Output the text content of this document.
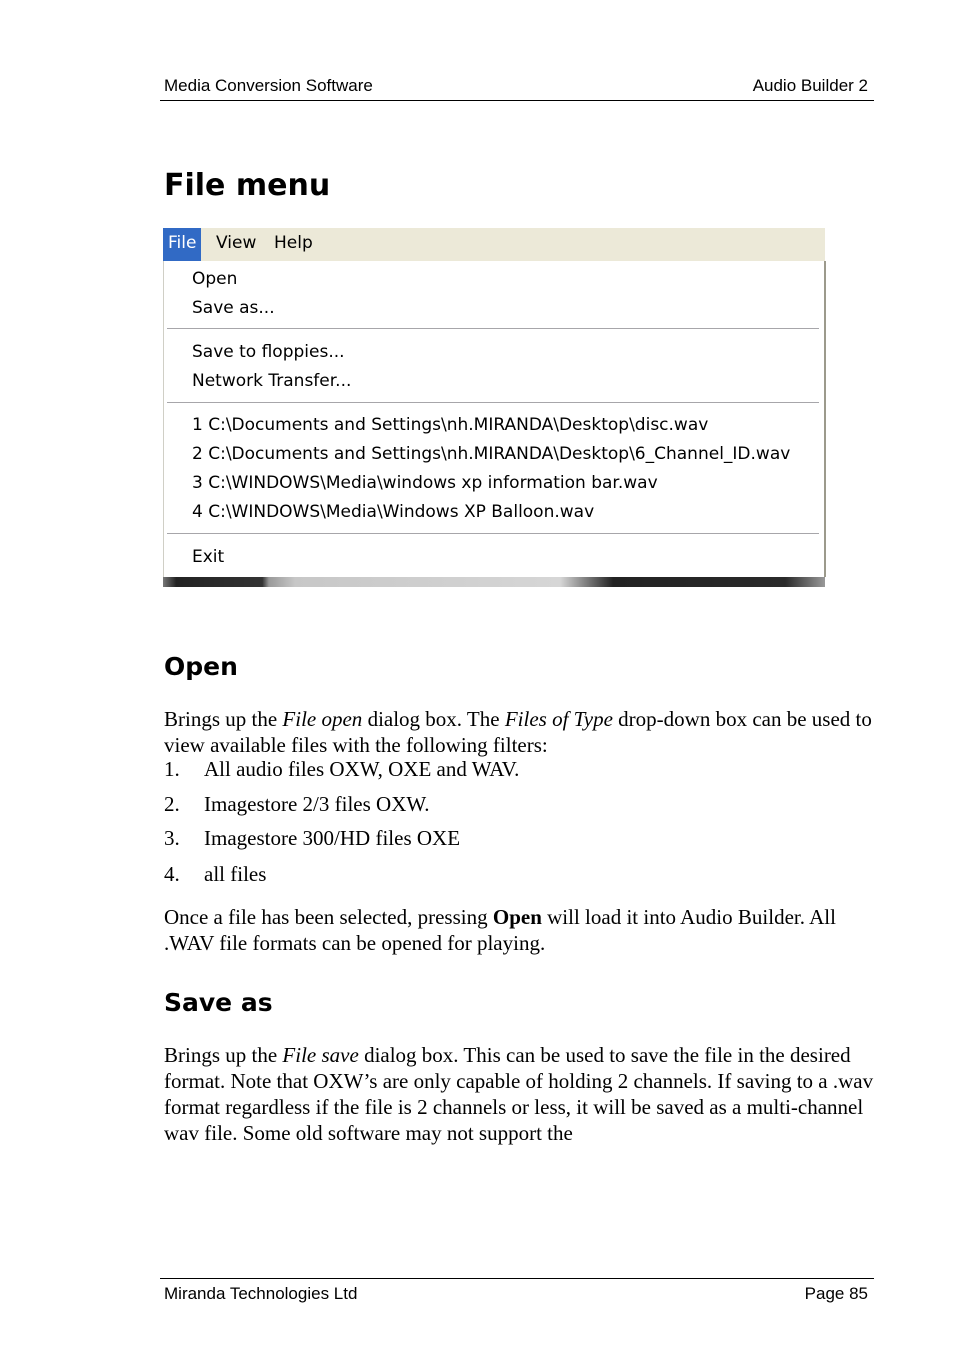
Media Conversion Software	Audio Builder 2
File menu
File View Help
Open
Save as...
Save to floppies...
Network Transfer...
1 C:\Documents and Settings\nh.MIRANDA\Desktop\disc.wav
2 C:\Documents and Settings\nh.MIRANDA\Desktop\6_Channel_ID.wav
3 C:\WINDOWS\Media\windows xp information bar.wav
4 C:\WINDOWS\Media\Windows XP Balloon.wav
Exit
Open

Brings up the File open dialog box. The Files of Type drop-down box can be used to view available files with the following filters:

1. All audio files OXW, OXE and WAV.
2. Imagestore 2/3 files OXW.
3. Imagestore 300/HD files OXE
4. all files

Once a file has been selected, pressing Open will load it into Audio Builder. All .WAV file formats can be opened for playing.

Save as

Brings up the File save dialog box. This can be used to save the file in the desired format. Note that OXW’s are only capable of holding 2 channels. If saving to a .wav format regardless if the file is 2 channels or less, it will be saved as a multi-channel wav file. Some old software may not support the

Miranda Technologies Ltd	Page 85
